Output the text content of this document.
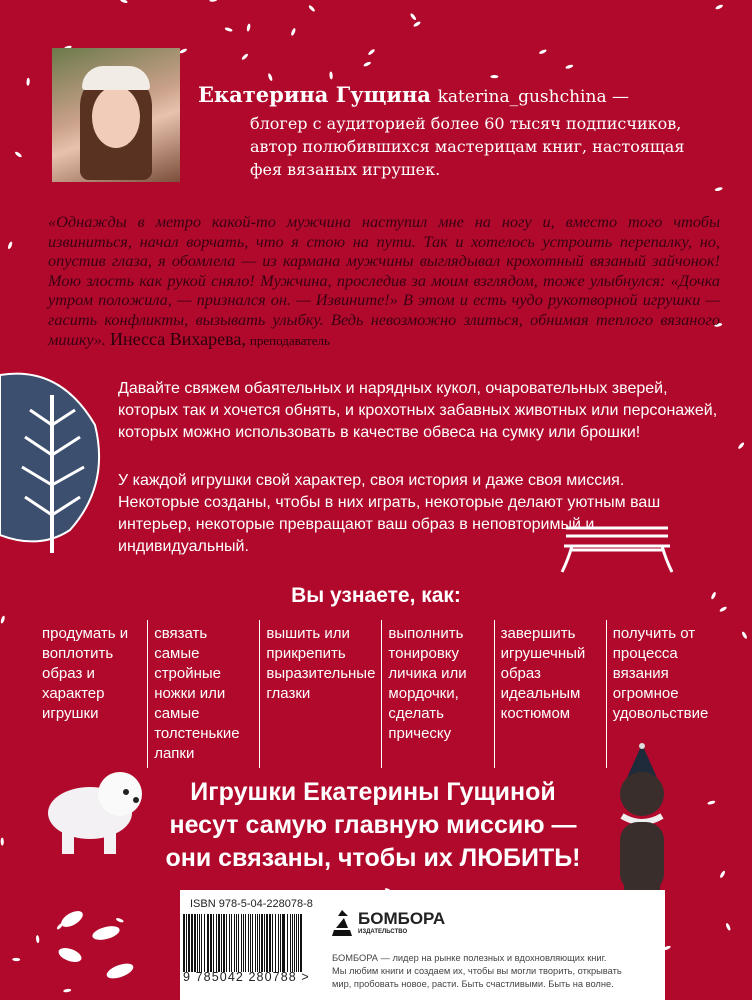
Екатерина Гущина katerina_gushchina —
блогер с аудиторией более 60 тысяч подписчиков,
автор полюбившихся мастерицам книг, настоящая
фея вязаных игрушек.
«Однажды в метро какой-то мужчина наступил мне на ногу и, вместо того чтобы извиниться, начал ворчать, что я стою на пути. Так и хотелось устроить перепалку, но, опустив глаза, я обомлела — из кармана мужчины выглядывал крохотный вязаный зайчонок! Мою злость как рукой сняло! Мужчина, проследив за моим взглядом, тоже улыбнулся: «Дочка утром положила, — признался он. — Извините!» В этом и есть чудо рукотворной игрушки — гасить конфликты, вызывать улыбку. Ведь невозможно злиться, обнимая теплого вязаного мишку». Инесса Вихарева, преподаватель
Давайте свяжем обаятельных и нарядных кукол, очаровательных зверей, которых так и хочется обнять, и крохотных забавных животных или персонажей, которых можно использовать в качестве обвеса на сумку или брошки!
У каждой игрушки свой характер, своя история и даже своя миссия. Некоторые созданы, чтобы в них играть, некоторые делают уютным ваш интерьер, некоторые превращают ваш образ в неповторимый и индивидуальный.
Вы узнаете, как:
продумать и воплотить образ и характер игрушки
связать самые стройные ножки или самые толстенькие лапки
вышить или прикрепить выразительные глазки
выполнить тонировку личика или мордочки, сделать прическу
завершить игрушечный образ идеальным костюмом
получить от процесса вязания огромное удовольствие
Игрушки Екатерины Гущиной
несут самую главную миссию —
они связаны, чтобы их ЛЮБИТЬ!
ISBN 978-5-04-228078-8
9 785042 280788 >
БОМБОРА
ИЗДАТЕЛЬСТВО
БОМБОРА — лидер на рынке полезных и вдохновляющих книг.
Мы любим книги и создаем их, чтобы вы могли творить, открывать
мир, пробовать новое, расти. Быть счастливыми. Быть на волне.
